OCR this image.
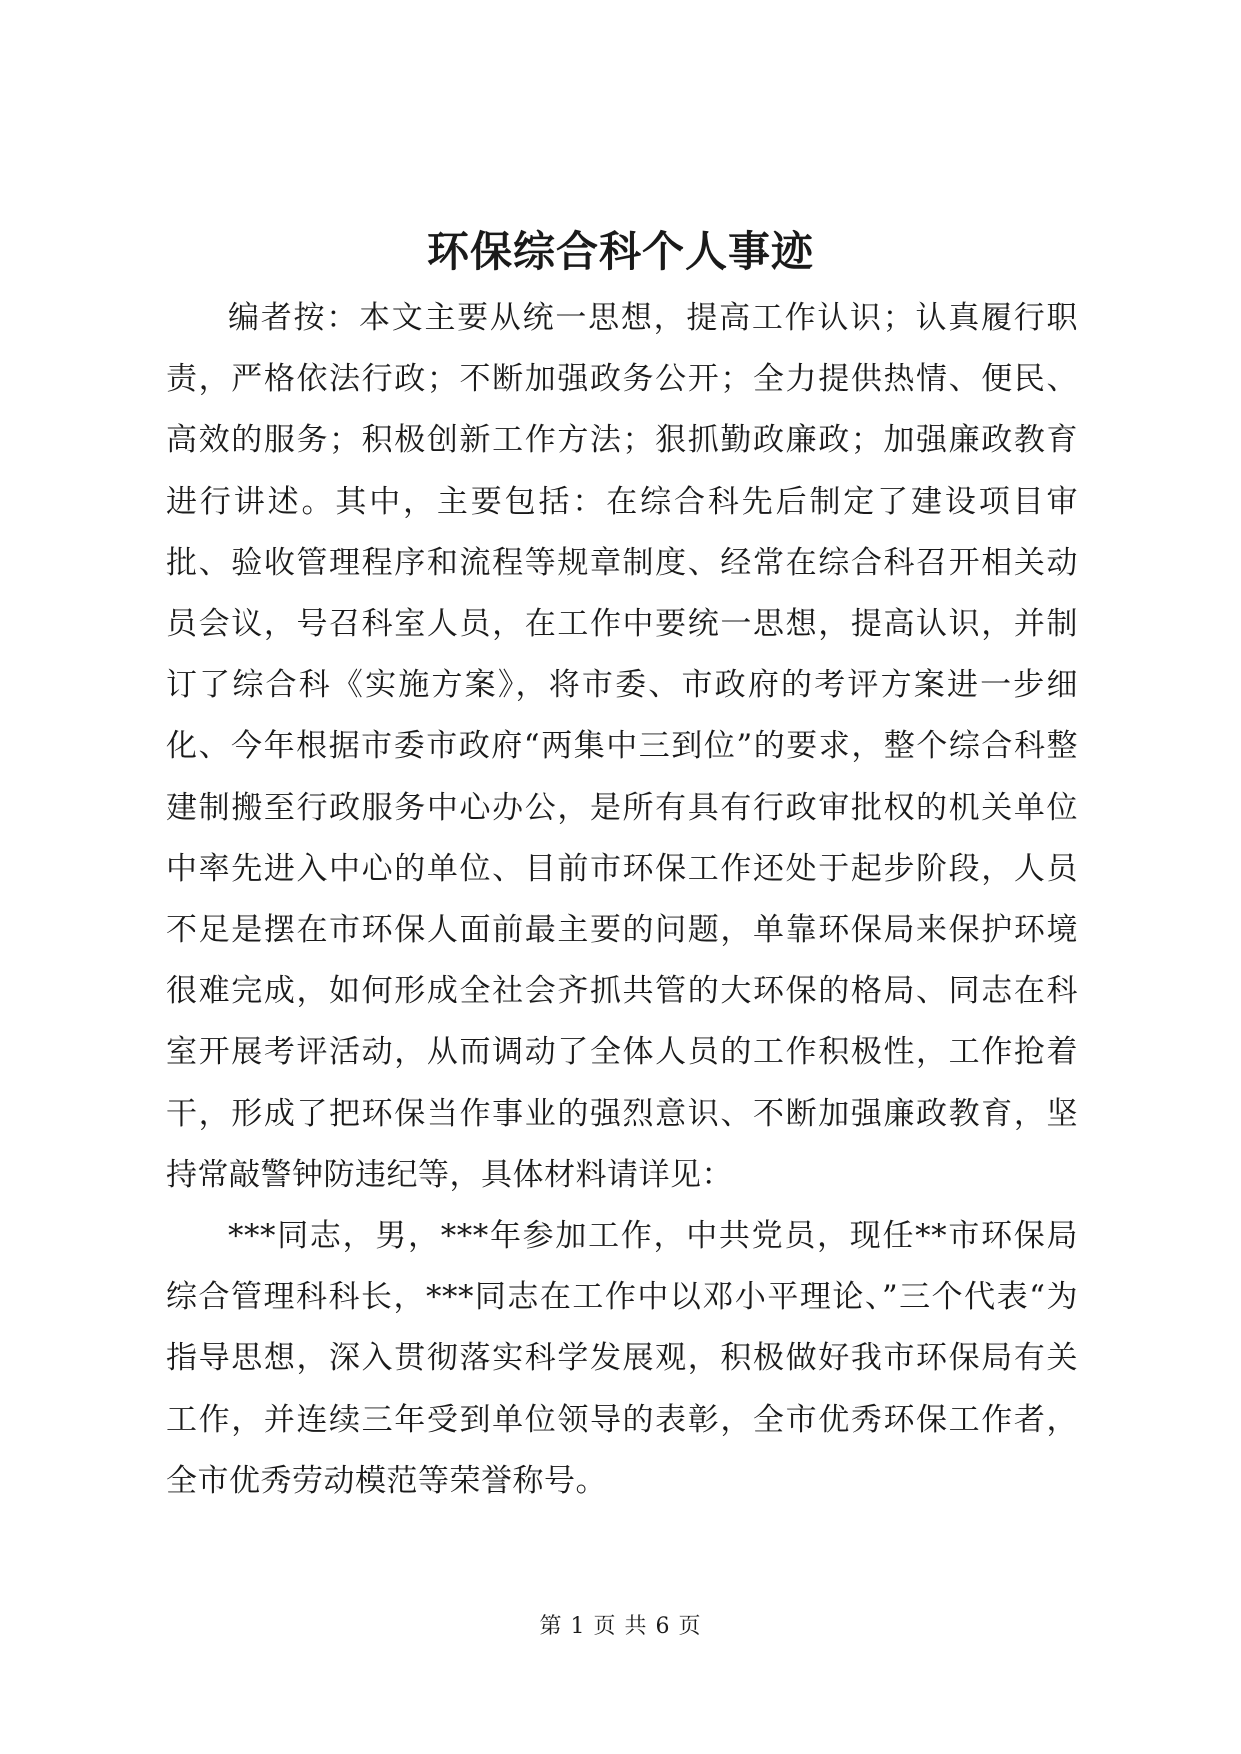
环保综合科个人事迹

编者按：本文主要从统一思想，提高工作认识；认真履行职责，严格依法行政；不断加强政务公开；全力提供热情、便民、高效的服务；积极创新工作方法；狠抓勤政廉政；加强廉政教育进行讲述。其中，主要包括：在综合科先后制定了建设项目审批、验收管理程序和流程等规章制度、经常在综合科召开相关动员会议，号召科室人员，在工作中要统一思想，提高认识，并制订了综合科《实施方案》，将市委、市政府的考评方案进一步细化、今年根据市委市政府“两集中三到位”的要求，整个综合科整建制搬至行政服务中心办公，是所有具有行政审批权的机关单位中率先进入中心的单位、目前市环保工作还处于起步阶段，人员不足是摆在市环保人面前最主要的问题，单靠环保局来保护环境很难完成，如何形成全社会齐抓共管的大环保的格局、同志在科室开展考评活动，从而调动了全体人员的工作积极性，工作抢着干，形成了把环保当作事业的强烈意识、不断加强廉政教育，坚持常敲警钟防违纪等，具体材料请详见：

***同志，男，***年参加工作，中共党员，现任**市环保局综合管理科科长，***同志在工作中以邓小平理论、”三个代表“为指导思想，深入贯彻落实科学发展观，积极做好我市环保局有关工作，并连续三年受到单位领导的表彰，全市优秀环保工作者，全市优秀劳动模范等荣誉称号。

第 1 页 共 6 页
